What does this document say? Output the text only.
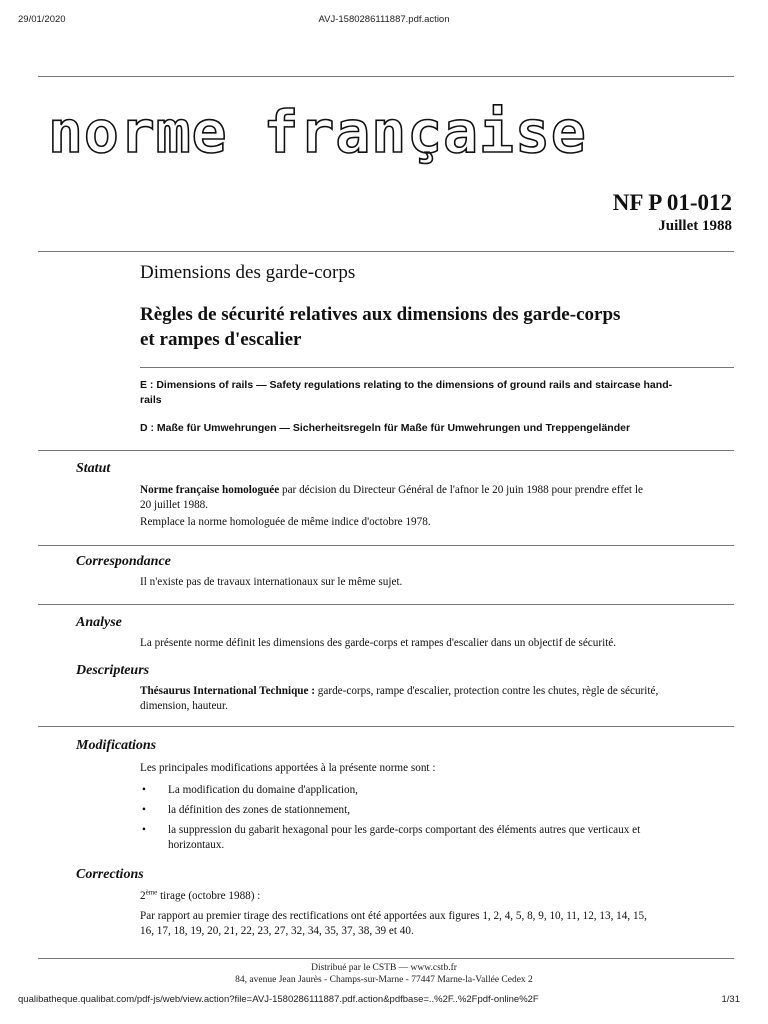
29/01/2020	AVJ-1580286111887.pdf.action
norme française
NF P 01-012
Juillet 1988
Dimensions des garde-corps
Règles de sécurité relatives aux dimensions des garde-corps
et rampes d'escalier
E : Dimensions of rails — Safety regulations relating to the dimensions of ground rails and staircase hand-
rails
D : Maße für Umwehrungen — Sicherheitsregeln für Maße für Umwehrungen und Treppengeländer
Statut
Norme française homologuée par décision du Directeur Général de l'afnor le 20 juin 1988 pour prendre effet le
20 juillet 1988.
Remplace la norme homologuée de même indice d'octobre 1978.
Correspondance
Il n'existe pas de travaux internationaux sur le même sujet.
Analyse
La présente norme définit les dimensions des garde-corps et rampes d'escalier dans un objectif de sécurité.
Descripteurs
Thésaurus International Technique : garde-corps, rampe d'escalier, protection contre les chutes, règle de sécurité,
dimension, hauteur.
Modifications
Les principales modifications apportées à la présente norme sont :
• La modification du domaine d'application,
• la définition des zones de stationnement,
• la suppression du gabarit hexagonal pour les garde-corps comportant des éléments autres que verticaux et
horizontaux.
Corrections
2ème tirage (octobre 1988) :
Par rapport au premier tirage des rectifications ont été apportées aux figures 1, 2, 4, 5, 8, 9, 10, 11, 12, 13, 14, 15,
16, 17, 18, 19, 20, 21, 22, 23, 27, 32, 34, 35, 37, 38, 39 et 40.
Distribué par le CSTB — www.cstb.fr
84, avenue Jean Jaurès - Champs-sur-Marne - 77447 Marne-la-Vallée Cedex 2
qualibatheque.qualibat.com/pdf-js/web/view.action?file=AVJ-1580286111887.pdf.action&pdfbase=..%2F..%2Fpdf-online%2F	1/31
